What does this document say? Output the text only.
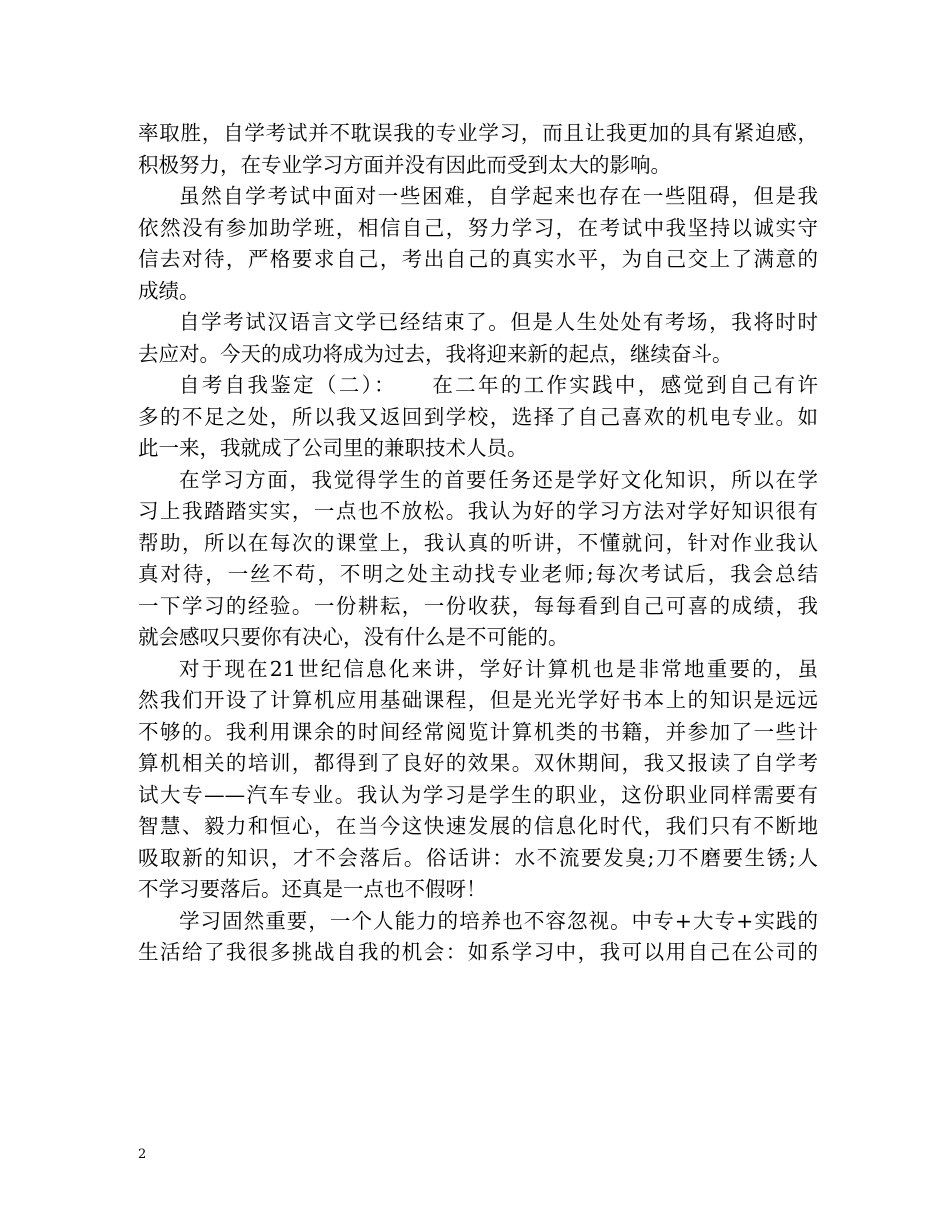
率取胜，自学考试并不耽误我的专业学习，而且让我更加的具有紧迫感，
积极努力，在专业学习方面并没有因此而受到太大的影响。
虽然自学考试中面对一些困难，自学起来也存在一些阻碍，但是我
依然没有参加助学班，相信自己，努力学习，在考试中我坚持以诚实守
信去对待，严格要求自己，考出自己的真实水平，为自己交上了满意的
成绩。
自学考试汉语言文学已经结束了。但是人生处处有考场，我将时时
去应对。今天的成功将成为过去，我将迎来新的起点，继续奋斗。
自考自我鉴定（二）：　　在二年的工作实践中，感觉到自己有许
多的不足之处，所以我又返回到学校，选择了自己喜欢的机电专业。如
此一来，我就成了公司里的兼职技术人员。
在学习方面，我觉得学生的首要任务还是学好文化知识，所以在学
习上我踏踏实实，一点也不放松。我认为好的学习方法对学好知识很有
帮助，所以在每次的课堂上，我认真的听讲，不懂就问，针对作业我认
真对待，一丝不苟，不明之处主动找专业老师;每次考试后，我会总结
一下学习的经验。一份耕耘，一份收获，每每看到自己可喜的成绩，我
就会感叹只要你有决心，没有什么是不可能的。
对于现在21世纪信息化来讲，学好计算机也是非常地重要的，虽
然我们开设了计算机应用基础课程，但是光光学好书本上的知识是远远
不够的。我利用课余的时间经常阅览计算机类的书籍，并参加了一些计
算机相关的培训，都得到了良好的效果。双休期间，我又报读了自学考
试大专——汽车专业。我认为学习是学生的职业，这份职业同样需要有
智慧、毅力和恒心，在当今这快速发展的信息化时代，我们只有不断地
吸取新的知识，才不会落后。俗话讲：水不流要发臭;刀不磨要生锈;人
不学习要落后。还真是一点也不假呀！
学习固然重要，一个人能力的培养也不容忽视。中专+大专+实践的
生活给了我很多挑战自我的机会：如系学习中，我可以用自己在公司的
2
